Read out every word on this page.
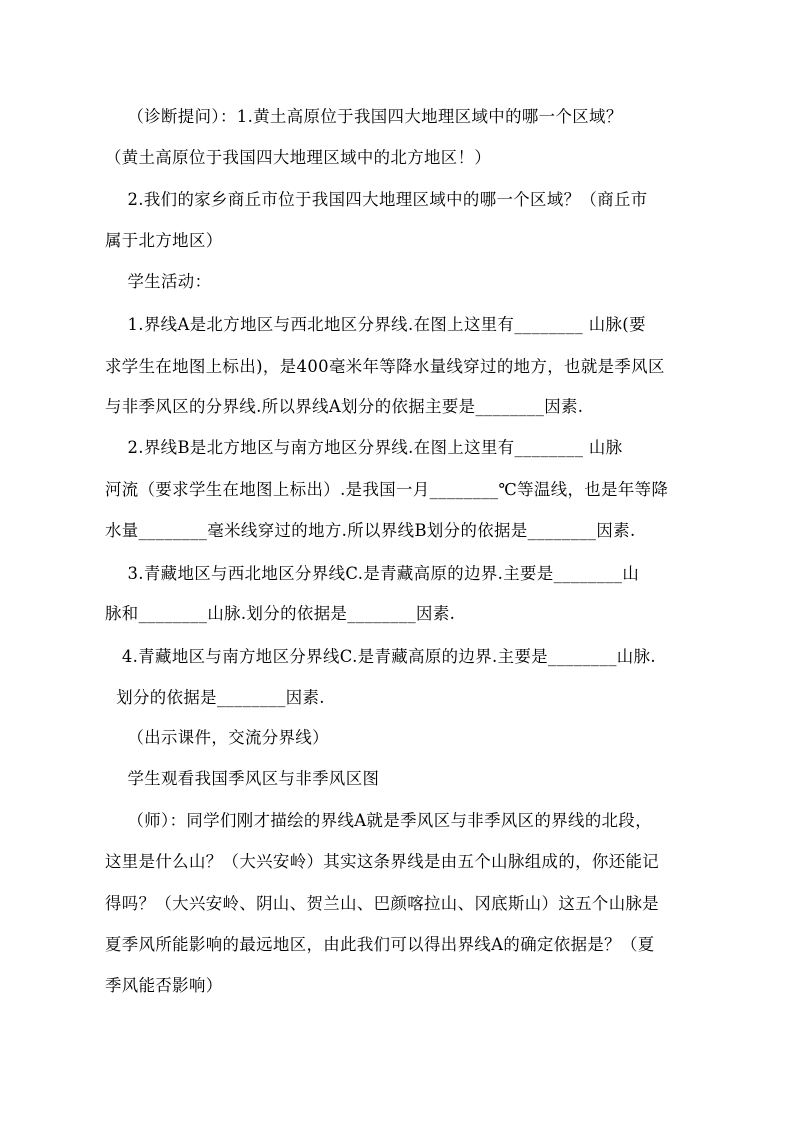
（诊断提问）：1.黄土高原位于我国四大地理区域中的哪一个区域？
（黄土高原位于我国四大地理区域中的北方地区！）
2.我们的家乡商丘市位于我国四大地理区域中的哪一个区域？（商丘市
属于北方地区）
学生活动：
1.界线A是北方地区与西北地区分界线.在图上这里有________ 山脉(要
求学生在地图上标出)，是400毫米年等降水量线穿过的地方，也就是季风区
与非季风区的分界线.所以界线A划分的依据主要是________因素.
2.界线B是北方地区与南方地区分界线.在图上这里有________ 山脉
河流（要求学生在地图上标出）.是我国一月________℃等温线，也是年等降
水量________毫米线穿过的地方.所以界线B划分的依据是________因素.
3.青藏地区与西北地区分界线C.是青藏高原的边界.主要是________山
脉和________山脉.划分的依据是________因素.
4.青藏地区与南方地区分界线C.是青藏高原的边界.主要是________山脉.
划分的依据是________因素.
（出示课件，交流分界线）
学生观看我国季风区与非季风区图
（师）：同学们刚才描绘的界线A就是季风区与非季风区的界线的北段，
这里是什么山？（大兴安岭）其实这条界线是由五个山脉组成的，你还能记
得吗？（大兴安岭、阴山、贺兰山、巴颜喀拉山、冈底斯山）这五个山脉是
夏季风所能影响的最远地区，由此我们可以得出界线A的确定依据是？（夏
季风能否影响）
